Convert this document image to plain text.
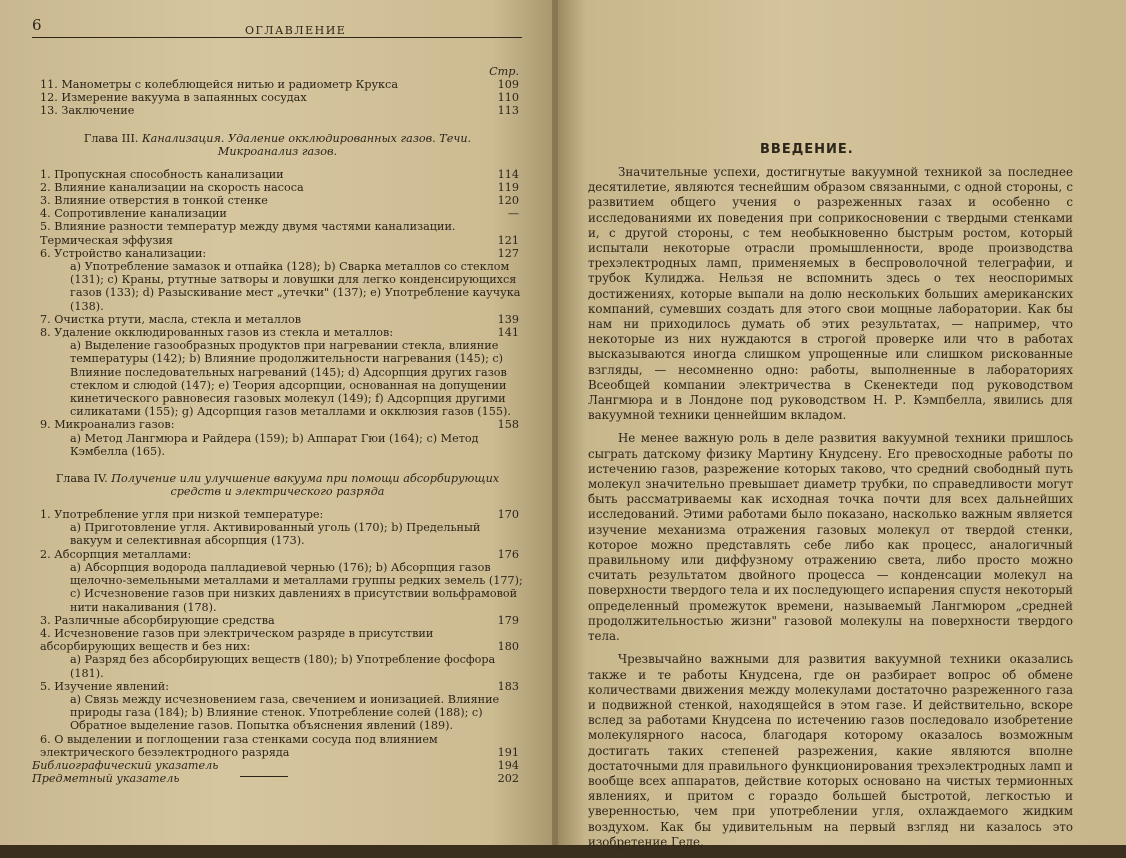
6	ОГЛАВЛЕНИЕ
Стр.
11. Манометры с колеблющейся нитью и радиометр Крукса	109
12. Измерение вакуума в запаянных сосудах	110
13. Заключение	113
Глава III. Канализация. Удаление окклюдированных газов. Течи. Микроанализ газов.
1. Пропускная способность канализации	114
2. Влияние канализации на скорость насоса	119
3. Влияние отверстия в тонкой стенке	120
4. Сопротивление канализации	—
5. Влияние разности температур между двумя частями канализации. Термическая эффузия	121
6. Устройство канализации:	127
a) Употребление замазок и отпайка (128); b) Сварка металлов со стеклом (131); c) Краны, ртутные затворы и ловушки для легко конденсирующихся газов (133); d) Разыскивание мест „утечки" (137); e) Употребление каучука (138).
7. Очистка ртути, масла, стекла и металлов	139
8. Удаление окклюдированных газов из стекла и металлов:	141
a) Выделение газообразных продуктов при нагревании стекла, влияние температуры (142); b) Влияние продолжительности нагревания (145); c) Влияние последовательных нагреваний (145); d) Адсорпция других газов стеклом и слюдой (147); e) Теория адсорпции, основанная на допущении кинетического равновесия газовых молекул (149); f) Адсорпция другими силикатами (155); g) Адсорпция газов металлами и окклюзия газов (155).
9. Микроанализ газов:	158
a) Метод Лангмюра и Райдера (159); b) Аппарат Гюи (164); c) Метод Кэмбелла (165).
Глава IV. Получение или улучшение вакуума при помощи абсорбирующих средств и электрического разряда
1. Употребление угля при низкой температуре:	170
a) Приготовление угля. Активированный уголь (170); b) Предельный вакуум и селективная абсорпция (173).
2. Абсорпция металлами:	176
a) Абсорпция водорода палладиевой чернью (176); b) Абсорпция газов щелочно-земельными металлами и металлами группы редких земель (177); c) Исчезновение газов при низких давлениях в присутствии вольфрамовой нити накаливания (178).
3. Различные абсорбирующие средства	179
4. Исчезновение газов при электрическом разряде в присутствии абсорбирующих веществ и без них:	180
a) Разряд без абсорбирующих веществ (180); b) Употребление фосфора (181).
5. Изучение явлений:	183
a) Связь между исчезновением газа, свечением и ионизацией. Влияние природы газа (184); b) Влияние стенок. Употребление солей (188); c) Обратное выделение газов. Попытка объяснения явлений (189).
6. О выделении и поглощении газа стенками сосуда под влиянием электрического безэлектродного разряда	191
Библиографический указатель	194
Предметный указатель	202
ВВЕДЕНИЕ.

Значительные успехи, достигнутые вакуумной техникой за последнее десятилетие, являются теснейшим образом связанными, с одной стороны, с развитием общего учения о разреженных газах и особенно с исследованиями их поведения при соприкосновении с твердыми стенками и, с другой стороны, с тем необыкновенно быстрым ростом, который испытали некоторые отрасли промышленности, вроде производства трехэлектродных ламп, применяемых в беспроволочной телеграфии, и трубок Кулиджа. Нельзя не вспомнить здесь о тех неоспоримых достижениях, которые выпали на долю нескольких больших американских компаний, сумевших создать для этого свои мощные лаборатории. Как бы нам ни приходилось думать об этих результатах, — например, что некоторые из них нуждаются в строгой проверке или что в работах высказываются иногда слишком упрощенные или слишком рискованные взгляды, — несомненно одно: работы, выполненные в лабораториях Всеобщей компании электричества в Скенектеди под руководством Лангмюра и в Лондоне под руководством Н. Р. Кэмпбелла, явились для вакуумной техники ценнейшим вкладом.

Не менее важную роль в деле развития вакуумной техники пришлось сыграть датскому физику Мартину Кнудсену. Его превосходные работы по истечению газов, разрежение которых таково, что средний свободный путь молекул значительно превышает диаметр трубки, по справедливости могут быть рассматриваемы как исходная точка почти для всех дальнейших исследований. Этими работами было показано, насколько важным является изучение механизма отражения газовых молекул от твердой стенки, которое можно представлять себе либо как процесс, аналогичный правильному или диффузному отражению света, либо просто можно считать результатом двойного процесса — конденсации молекул на поверхности твердого тела и их последующего испарения спустя некоторый определенный промежуток времени, называемый Лангмюром „средней продолжительностью жизни" газовой молекулы на поверхности твердого тела.

Чрезвычайно важными для развития вакуумной техники оказались также и те работы Кнудсена, где он разбирает вопрос об обмене количествами движения между молекулами достаточно разреженного газа и подвижной стенкой, находящейся в этом газе. И действительно, вскоре вслед за работами Кнудсена по истечению газов последовало изобретение молекулярного насоса, благодаря которому оказалось возможным достигать таких степеней разрежения, какие являются вполне достаточными для правильного функционирования трехэлектродных ламп и вообще всех аппаратов, действие которых основано на чистых термионных явлениях, и притом с гораздо большей быстротой, легкостью и уверенностью, чем при употреблении угля, охлаждаемого жидким воздухом. Как бы удивительным на первый взгляд ни казалось это изобретение Геде,
